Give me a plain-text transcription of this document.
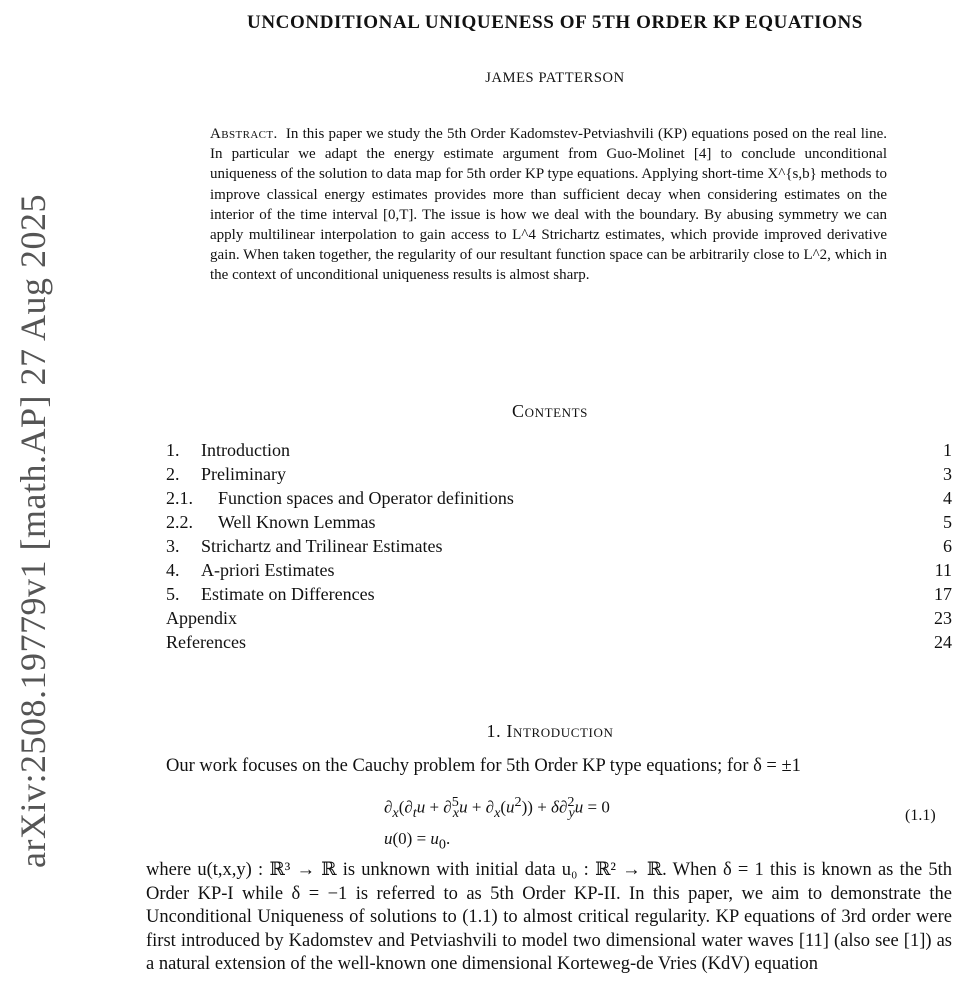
arXiv:2508.19779v1 [math.AP] 27 Aug 2025
UNCONDITIONAL UNIQUENESS OF 5TH ORDER KP EQUATIONS
JAMES PATTERSON
Abstract. In this paper we study the 5th Order Kadomstev-Petviashvili (KP) equations posed on the real line. In particular we adapt the energy estimate argument from Guo-Molinet [4] to conclude unconditional uniqueness of the solution to data map for 5th order KP type equations. Applying short-time X^{s,b} methods to improve classical energy estimates provides more than sufficient decay when considering estimates on the interior of the time interval [0,T]. The issue is how we deal with the boundary. By abusing symmetry we can apply multilinear interpolation to gain access to L^4 Strichartz estimates, which provide improved derivative gain. When taken together, the regularity of our resultant function space can be arbitrarily close to L^2, which in the context of unconditional uniqueness results is almost sharp.
Contents
1. Introduction	1
2. Preliminary	3
2.1. Function spaces and Operator definitions	4
2.2. Well Known Lemmas	5
3. Strichartz and Trilinear Estimates	6
4. A-priori Estimates	11
5. Estimate on Differences	17
Appendix	23
References	24
1. Introduction
Our work focuses on the Cauchy problem for 5th Order KP type equations; for δ = ±1
$\partial_x(\partial_tu + \partial^5_xu + \partial_x(u^2)) + \delta\partial^2_yu = 0$
$u(0) = u_0$.
(1.1)
where u(t,x,y) : ℝ³ → ℝ is unknown with initial data u₀ : ℝ² → ℝ. When δ = 1 this is known as the 5th Order KP-I while δ = −1 is referred to as 5th Order KP-II. In this paper, we aim to demonstrate the Unconditional Uniqueness of solutions to (1.1) to almost critical regularity. KP equations of 3rd order were first introduced by Kadomstev and Petviashvili to model two dimensional water waves [11] (also see [1]) as a natural extension of the well-known one dimensional Korteweg-de Vries (KdV) equation
